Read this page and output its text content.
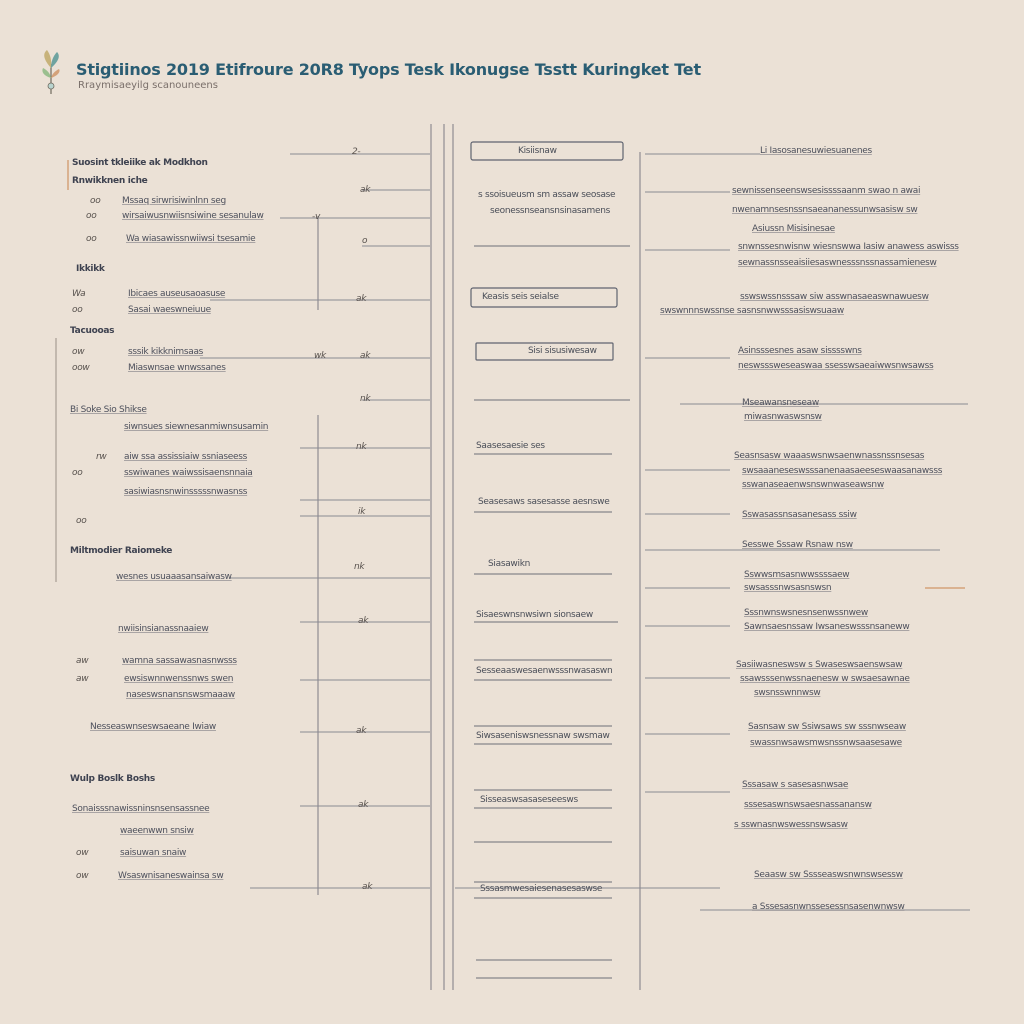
Stigtiinos 2019 Etifroure 20R8 Tyops Tesk Ikonugse Tsstt Kuringket Tet
Rraymisaeyilg scanouneens
Suosint tkleiike ak Modkhon
Rnwikknen iche
Mssaq sirwrisiwinlnn seg
wirsaiwusnwiisnsiwine sesanulaw
Wa wiasawissnwiiwsi tsesamie
Ikkikk
Ibicaes auseusaoasuse
Sasai waeswneiuue
Tacuooas
sssik kikknimsaas
Miaswnsae wnwssanes
Bi Soke Sio Shikse
siwnsues siewnesanmiwnsusamin
aiw ssa assissiaiw ssniaseess
sswiwanes waiwssisaensnnaia
sasiwiasnsnwinsssssnwasnss
Miltmodier Raiomeke
wesnes usuaaasansaiwasw
nwiisinsianassnaaiew
wamna sassawasnasnwsss
ewsiswnnwenssnws swen
naseswsnansnswsmaaaw
Nesseaswnseswsaeane Iwiaw
Wulp Boslk Boshs
Sonaisssnawissninsnsensassnee
waeenwwn snsiw
saisuwan snaiw
Wsaswnisaneswainsa sw
oo
oo
oo
Wa
oo
ow
oow
rw
oo
oo
aw
aw
ow
ow
2-
ak
-v
o
ak
wk	ak
nk
nk
ik
nk
ak
ak
ak
ak
Kisiisnaw
s ssoisueusm sm assaw seosase
seonessnseansnsinasamens
Keasis seis seialse
Sisi sisusiwesaw
Saasesaesie ses
Seasesaws sasesasse aesnswe
Siasawikn
Sisaeswnsnwsiwn sionsaew
Sesseaaswesaenwsssnwasaswn
Siwsaseniswsnessnaw swsmaw
Sisseaswsasaseseesws
Sssasmwesaiesenasesaswse
Li Iasosanesuwiesuanenes
sewnissenseenswsesissssaanm swao n awai
nwenamnsesnssnsaeananessunwsasisw sw
Asiussn Misisinesae
snwnssesnwisnw wiesnswwa Iasiw anawess aswisss
sewnassnsseaisiiesaswnesssnssnassamienesw
sswswssnsssaw siw asswnasaeaswnawuesw
swswnnnswssnse sasnsnwwsssasiswsuaaw
Asinsssesnes asaw sisssswns
neswsssweseaswaa ssesswsaeaiwwsnwsawss
Mseawansneseaw
miwasnwaswsnsw
Seasnsasw waaaswsnwsaenwnassnssnsesas
swsaaaneseswsssanenaasaeeseswaasanawsss
sswanaseaenwsnswnwaseawsnw
Sswasassnsasanesass ssiw
Sesswe Sssaw Rsnaw nsw
Sswwsmsasnwwssssaew
swsasssnwsasnswsn
Sssnwnswsnesnsenwssnwew
Sawnsaesnssaw Iwsaneswsssnsaneww
Sasiiwasneswsw s Swaseswsaenswsaw
ssawsssenwssnaenesw w swsaesawnae
swsnsswnnwsw
Sasnsaw sw Ssiwsaws sw sssnwseaw
swassnwsawsmwsnssnwsaasesawe
Sssasaw s sasesasnwsae
sssesaswnswsaesnassanansw
s sswnasnwswessnswsasw
Seaasw sw Sssseaswsnwnswsessw
a Sssesasnwnssesessnsasenwnwsw
